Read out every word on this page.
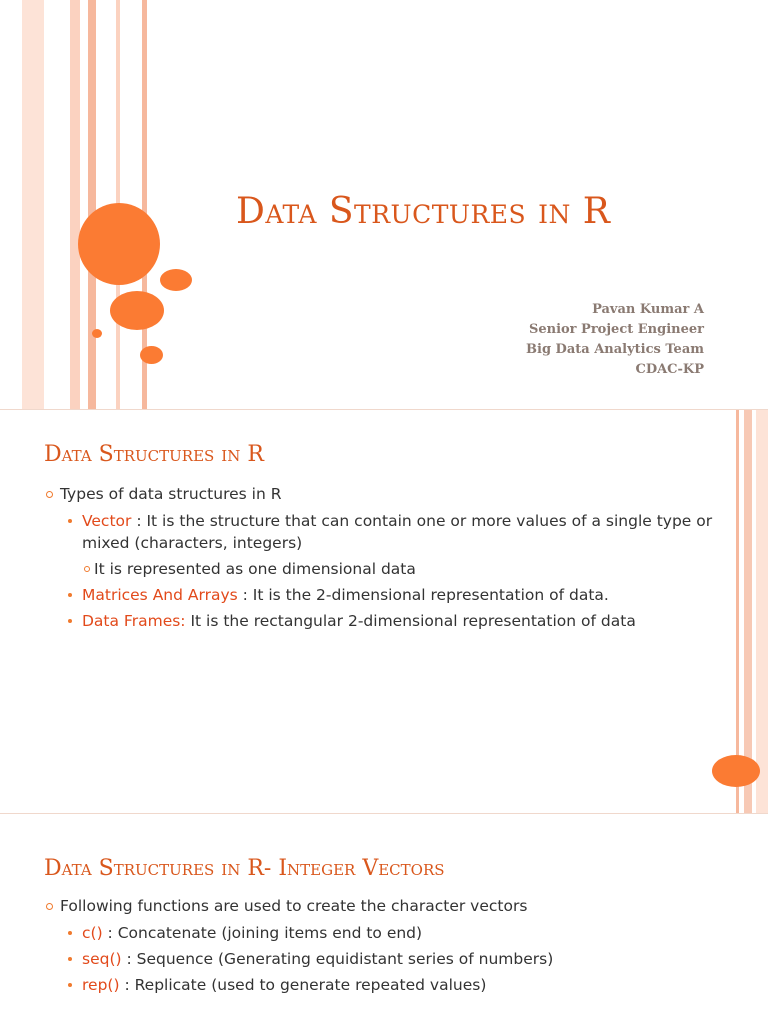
Data Structures in R
Pavan Kumar A
Senior Project Engineer
Big Data Analytics Team
CDAC-KP
Data Structures in R
Types of data structures in R
Vector : It is the structure that can contain one or more values of a single type or mixed (characters, integers)
It is represented as one dimensional data
Matrices And Arrays : It is the 2-dimensional representation of data.
Data Frames: It is the rectangular 2-dimensional representation of data
Data Structures in R- Integer Vectors
Following functions are used to create the character vectors
c() : Concatenate (joining items end to end)
seq() : Sequence (Generating equidistant series of numbers)
rep() : Replicate (used to generate repeated values)
